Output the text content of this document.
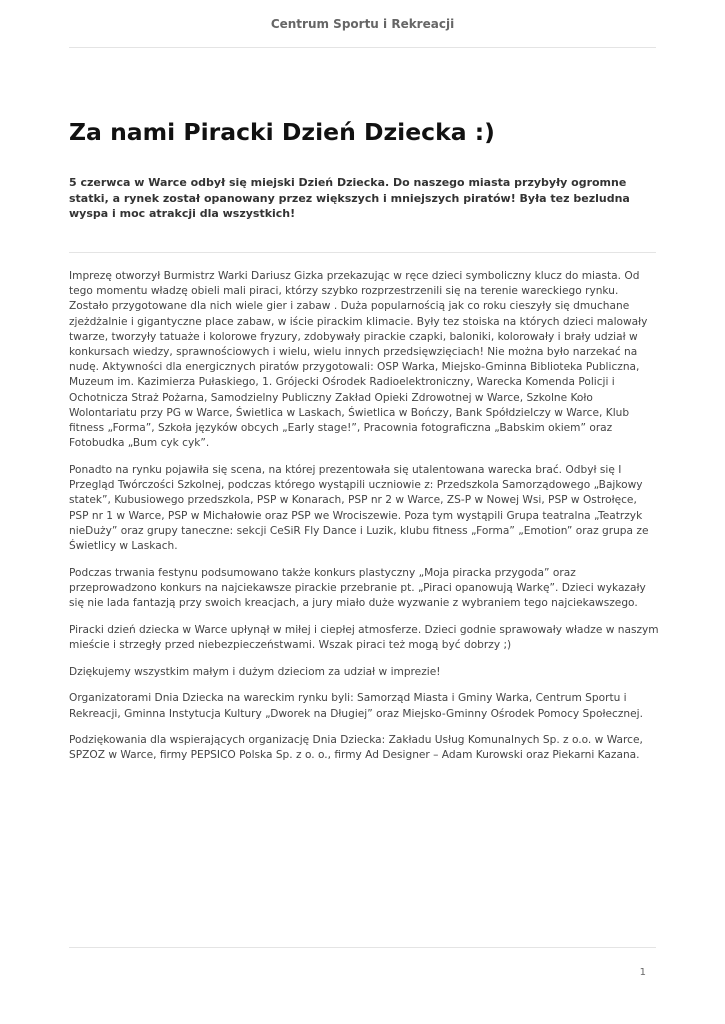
Centrum Sportu i Rekreacji
Za nami Piracki Dzień Dziecka :)

5 czerwca w Warce odbył się miejski Dzień Dziecka. Do naszego miasta przybyły ogromne statki, a rynek został opanowany przez większych i mniejszych piratów! Była tez bezludna wyspa i moc atrakcji dla wszystkich!

Imprezę otworzył Burmistrz Warki Dariusz Gizka przekazując w ręce dzieci symboliczny klucz do miasta. Od tego momentu władzę obieli mali piraci, którzy szybko rozprzestrzenili się na terenie wareckiego rynku. Zostało przygotowane dla nich wiele gier i zabaw . Duża popularnością jak co roku cieszyły się dmuchane zjeżdżalnie i gigantyczne place zabaw, w iście pirackim klimacie. Były tez stoiska na których dzieci malowały twarze, tworzyły tatuaże i kolorowe fryzury, zdobywały pirackie czapki, baloniki, kolorowały i brały udział w konkursach wiedzy, sprawnościowych i wielu, wielu innych przedsięwzięciach! Nie można było narzekać na nudę. Aktywności dla energicznych piratów przygotowali: OSP Warka, Miejsko-Gminna Biblioteka Publiczna, Muzeum im. Kazimierza Pułaskiego, 1. Grójecki Ośrodek Radioelektroniczny, Warecka Komenda Policji i Ochotnicza Straż Pożarna, Samodzielny Publiczny Zakład Opieki Zdrowotnej w Warce, Szkolne Koło Wolontariatu przy PG w Warce, Świetlica w Laskach, Świetlica w Bończy, Bank Spółdzielczy w Warce, Klub fitness „Forma”, Szkoła języków obcych „Early stage!”, Pracownia fotograficzna „Babskim okiem” oraz Fotobudka „Bum cyk cyk”.

Ponadto na rynku pojawiła się scena, na której prezentowała się utalentowana warecka brać. Odbył się I Przegląd Twórczości Szkolnej, podczas którego wystąpili uczniowie z: Przedszkola Samorządowego „Bajkowy statek”, Kubusiowego przedszkola, PSP w Konarach, PSP nr 2 w Warce, ZS-P w Nowej Wsi, PSP w Ostrołęce, PSP nr 1 w Warce, PSP w Michałowie oraz PSP we Wrociszewie. Poza tym wystąpili Grupa teatralna „Teatrzyk nieDuży” oraz grupy taneczne: sekcji CeSiR Fly Dance i Luzik, klubu fitness „Forma” „Emotion” oraz grupa ze Świetlicy w Laskach.

Podczas trwania festynu podsumowano także konkurs plastyczny „Moja piracka przygoda” oraz przeprowadzono konkurs na najciekawsze pirackie przebranie pt. „Piraci opanowują Warkę”. Dzieci wykazały się nie lada fantazją przy swoich kreacjach, a jury miało duże wyzwanie z wybraniem tego najciekawszego.

Piracki dzień dziecka w Warce upłynął w miłej i ciepłej atmosferze. Dzieci godnie sprawowały władze w naszym mieście i strzegły przed niebezpieczeństwami. Wszak piraci też mogą być dobrzy ;)

Dziękujemy wszystkim małym i dużym dzieciom za udział w imprezie!

Organizatorami Dnia Dziecka na wareckim rynku byli: Samorząd Miasta i Gminy Warka, Centrum Sportu i Rekreacji, Gminna Instytucja Kultury „Dworek na Długiej” oraz Miejsko-Gminny Ośrodek Pomocy Społecznej.

Podziękowania dla wspierających organizację Dnia Dziecka: Zakładu Usług Komunalnych Sp. z o.o. w Warce, SPZOZ w Warce, firmy PEPSICO Polska Sp. z o. o., firmy Ad Designer – Adam Kurowski oraz Piekarni Kazana.

1
